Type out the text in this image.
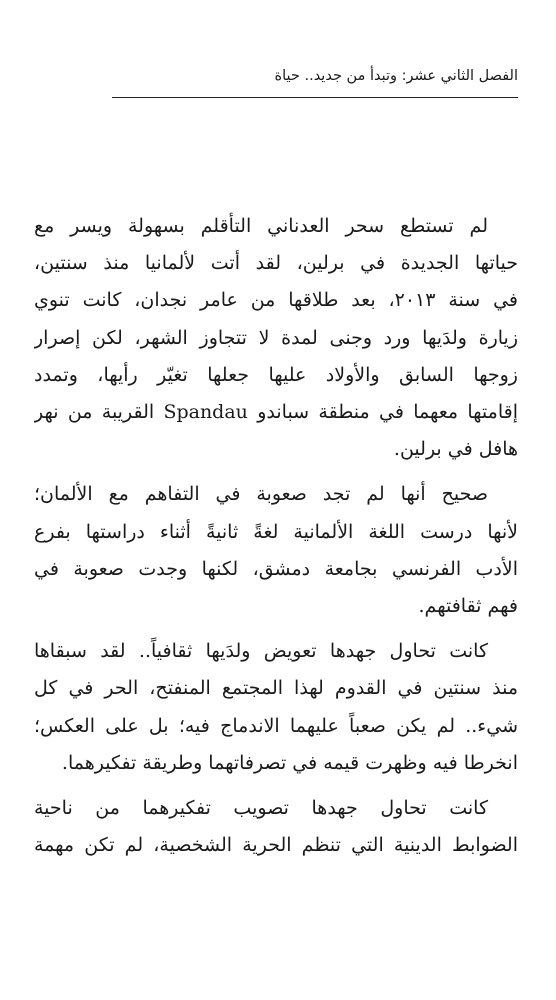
الفصل الثاني عشر: وتبدأ من جديد.. حياة

لم تستطع سحر العدناني التأقلم بسهولة ويسر مع
حياتها الجديدة في برلين، لقد أتت لألمانيا منذ سنتين،
في سنة ٢٠١٣، بعد طلاقها من عامر نجدان، كانت تنوي
زيارة ولدَيها ورد وجنى لمدة لا تتجاوز الشهر، لكن إصرار
زوجها السابق والأولاد عليها جعلها تغيّر رأيها، وتمدد
إقامتها معهما في منطقة سباندو Spandau القريبة من نهر
هافل في برلين.

صحيح أنها لم تجد صعوبة في التفاهم مع الألمان؛
لأنها درست اللغة الألمانية لغةً ثانيةً أثناء دراستها بفرع
الأدب الفرنسي بجامعة دمشق، لكنها وجدت صعوبة في
فهم ثقافتهم.

كانت تحاول جهدها تعويض ولدَيها ثقافياً.. لقد سبقاها
منذ سنتين في القدوم لهذا المجتمع المنفتح، الحر في كل
شيء.. لم يكن صعباً عليهما الاندماج فيه؛ بل على العكس؛
انخرطا فيه وظهرت قيمه في تصرفاتهما وطريقة تفكيرهما.

كانت تحاول جهدها تصويب تفكيرهما من ناحية
الضوابط الدينية التي تنظم الحرية الشخصية، لم تكن مهمة
